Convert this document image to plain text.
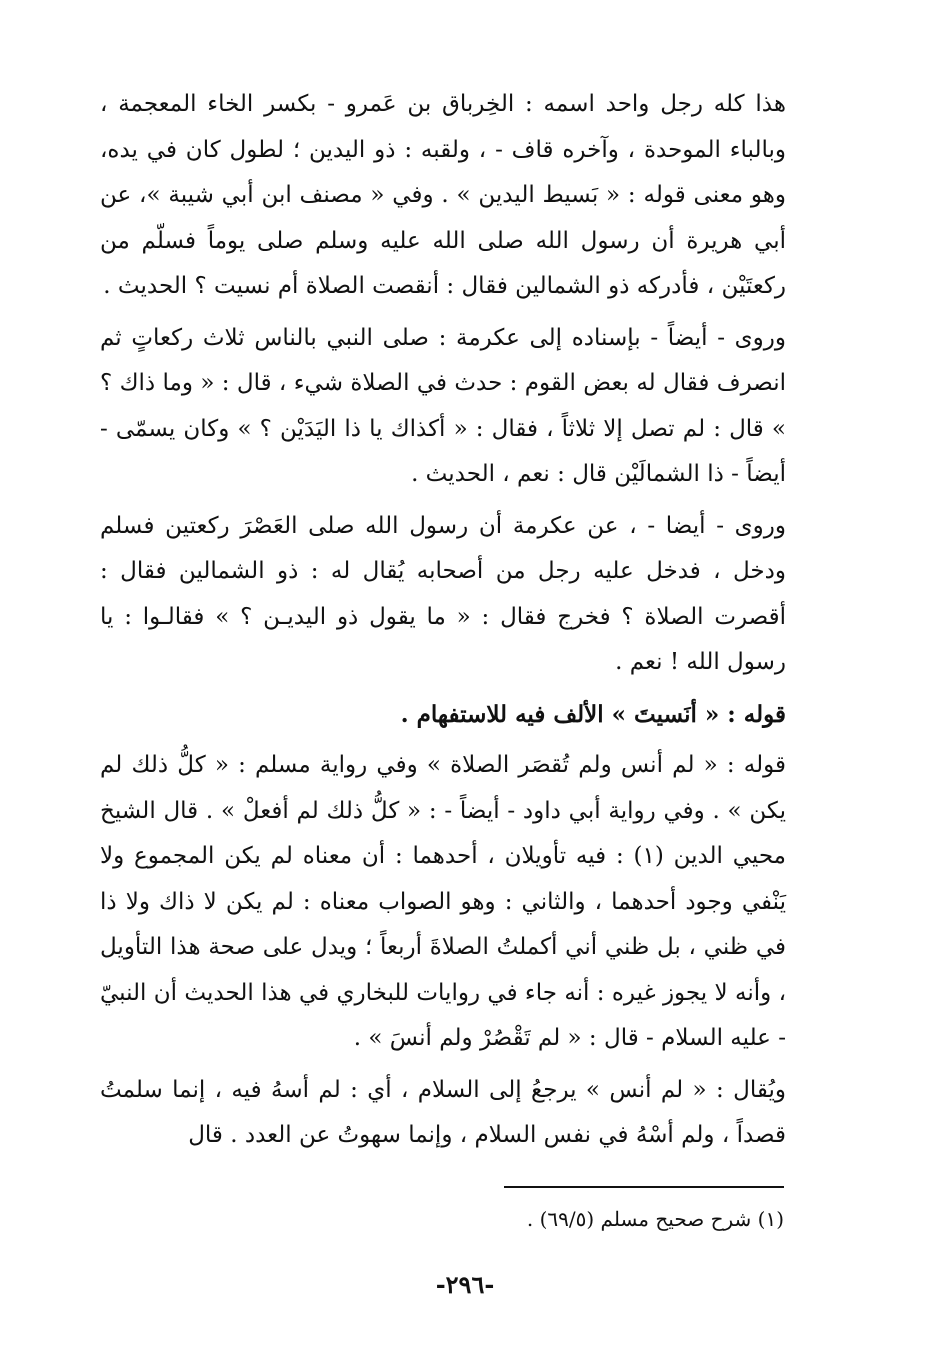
هذا كله رجل واحد اسمه : الخِرباق بن عَمرو - بكسر الخاء المعجمة ، وبالباء الموحدة ، وآخره قاف - ، ولقبه : ذو اليدين ؛ لطول كان في يده، وهو معنى قوله : « بَسيط اليدين » . وفي « مصنف ابن أبي شيبة »، عن أبي هريرة أن رسول الله صلى الله عليه وسلم صلى يوماً فسلّم من ركعتَيْن ، فأدركه ذو الشمالين فقال : أنقصت الصلاة أم نسيت ؟ الحديث .

وروى - أيضاً - بإسناده إلى عكرمة : صلى النبي بالناس ثلاث ركعاتٍ ثم انصرف فقال له بعض القوم : حدث في الصلاة شيء ، قال : « وما ذاك ؟ » قال : لم تصل إلا ثلاثاً ، فقال : « أكذاك يا ذا اليَدَيْن ؟ » وكان يسمّى - أيضاً - ذا الشمالَيْن قال : نعم ، الحديث .

وروى - أيضا - ، عن عكرمة أن رسول الله صلى العَصْرَ ركعتين فسلم ودخل ، فدخل عليه رجل من أصحابه يُقال له : ذو الشمالين فقال : أقصرت الصلاة ؟ فخرج فقال : « ما يقول ذو اليديـن ؟ » فقالـوا : يا رسول الله ! نعم .

قوله : « أنَسيتَ » الألف فيه للاستفهام .

قوله : « لم أنس ولم تُقصَر الصلاة » وفي رواية مسلم : « كلُّ ذلك لم يكن » . وفي رواية أبي داود - أيضاً - : « كلُّ ذلك لم أفعلْ » . قال الشيخ محيي الدين (١) : فيه تأويلان ، أحدهما : أن معناه لم يكن المجموع ولا يَنْفي وجود أحدهما ، والثاني : وهو الصواب معناه : لم يكن لا ذاك ولا ذا في ظني ، بل ظني أني أكملتُ الصلاةَ أربعاً ؛ ويدل على صحة هذا التأويل ، وأنه لا يجوز غيره : أنه جاء في روايات للبخاري في هذا الحديث أن النبيّ - عليه السلام - قال : « لم تَقْصُرْ ولم أنسَ » .

ويُقال : « لم أنس » يرجعُ إلى السلام ، أي : لم أسهُ فيه ، إنما سلمتُ قصداً ، ولم أسْهُ في نفس السلام ، وإنما سهوتُ عن العدد . قال

(١) شرح صحيح مسلم (٦٩/٥) .
-٢٩٦-
